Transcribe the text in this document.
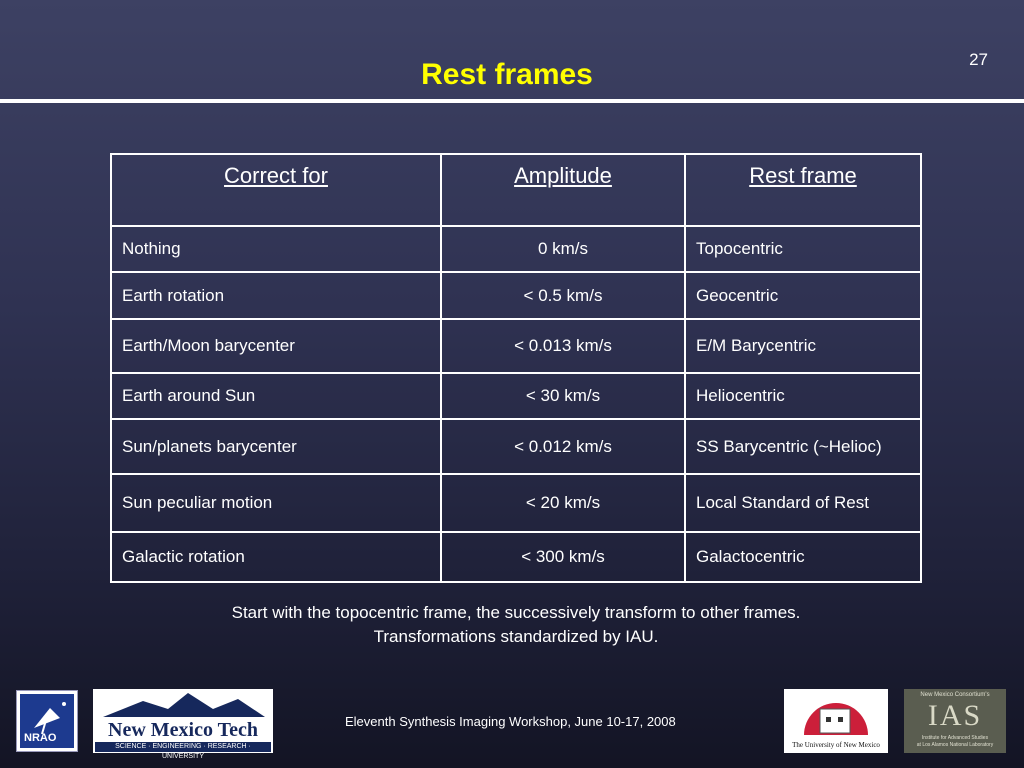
27
Rest frames
Correct for	Amplitude	Rest frame
Nothing	0 km/s	Topocentric
Earth rotation	< 0.5 km/s	Geocentric
Earth/Moon barycenter	< 0.013 km/s	E/M Barycentric
Earth around Sun	< 30 km/s	Heliocentric
Sun/planets barycenter	< 0.012 km/s	SS Barycentric (~Helioc)
Sun peculiar motion	< 20 km/s	Local Standard of Rest
Galactic rotation	< 300 km/s	Galactocentric
Start with the topocentric frame, the successively transform to other frames.
Transformations standardized by IAU.
NRAO	New Mexico Tech
SCIENCE · ENGINEERING · RESEARCH · UNIVERSITY
Eleventh Synthesis Imaging Workshop, June 10-17, 2008
The University of New Mexico
New Mexico Consortium's
IAS
Institute for Advanced Studies
at Los Alamos National Laboratory
